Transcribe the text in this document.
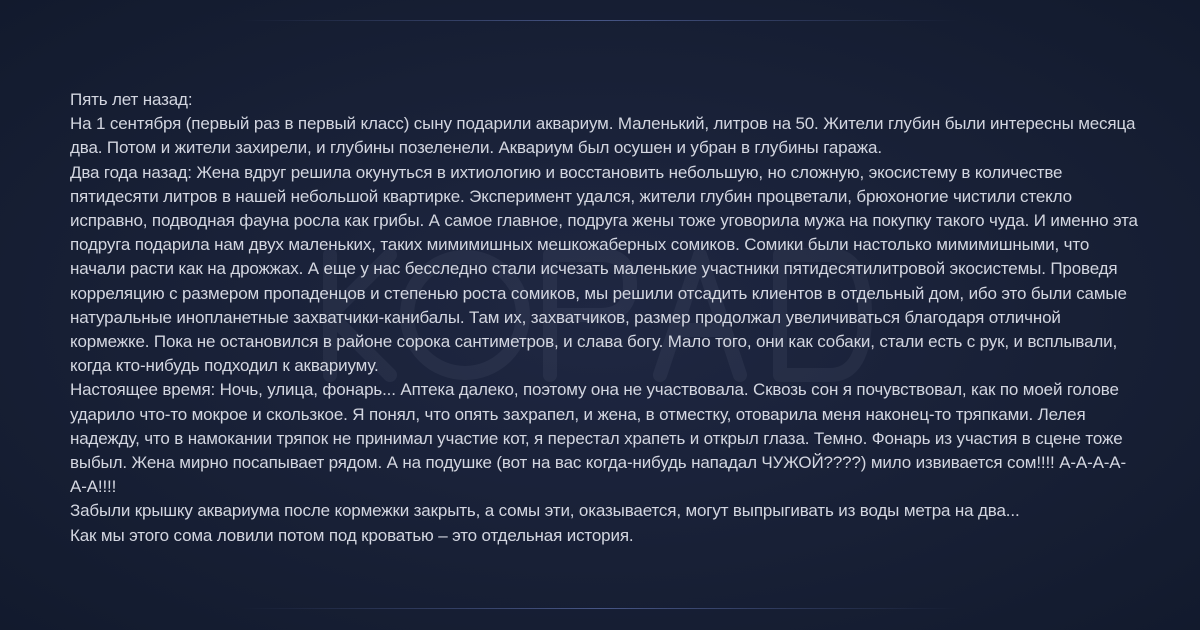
Пять лет назад:

На 1 сентября (первый раз в первый класс) сыну подарили аквариум. Маленький, литров на 50. Жители глубин были интересны месяца два. Потом и жители захирели, и глубины позеленели. Аквариум был осушен и убран в глубины гаража.

Два года назад: Жена вдруг решила окунуться в ихтиологию и восстановить небольшую, но сложную, экосистему в количестве пятидесяти литров в нашей небольшой квартирке. Эксперимент удался, жители глубин процветали, брюхоногие чистили стекло исправно, подводная фауна росла как грибы. А самое главное, подруга жены тоже уговорила мужа на покупку такого чуда. И именно эта подруга подарила нам двух маленьких, таких мимимишных мешкожаберных сомиков. Сомики были настолько мимимишными, что начали расти как на дрожжах. А еще у нас бесследно стали исчезать маленькие участники пятидесятилитровой экосистемы. Проведя корреляцию с размером пропаденцов и степенью роста сомиков, мы решили отсадить клиентов в отдельный дом, ибо это были самые натуральные инопланетные захватчики-канибалы. Там их, захватчиков, размер продолжал увеличиваться благодаря отличной кормежке. Пока не остановился в районе сорока сантиметров, и слава богу. Мало того, они как собаки, стали есть с рук, и всплывали, когда кто-нибудь подходил к аквариуму.

Настоящее время: Ночь, улица, фонарь... Аптека далеко, поэтому она не участвовала. Сквозь сон я почувствовал, как по моей голове ударило что-то мокрое и скользкое. Я понял, что опять захрапел, и жена, в отместку, отоварила меня наконец-то тряпками. Лелея надежду, что в намокании тряпок не принимал участие кот, я перестал храпеть и открыл глаза. Темно. Фонарь из участия в сцене тоже выбыл. Жена мирно посапывает рядом. А на подушке (вот на вас когда-нибудь нападал ЧУЖОЙ????) мило извивается сом!!!! А-А-А-А-А-А!!!!

Забыли крышку аквариума после кормежки закрыть, а сомы эти, оказывается, могут выпрыгивать из воды метра на два...

Как мы этого сома ловили потом под кроватью – это отдельная история.
